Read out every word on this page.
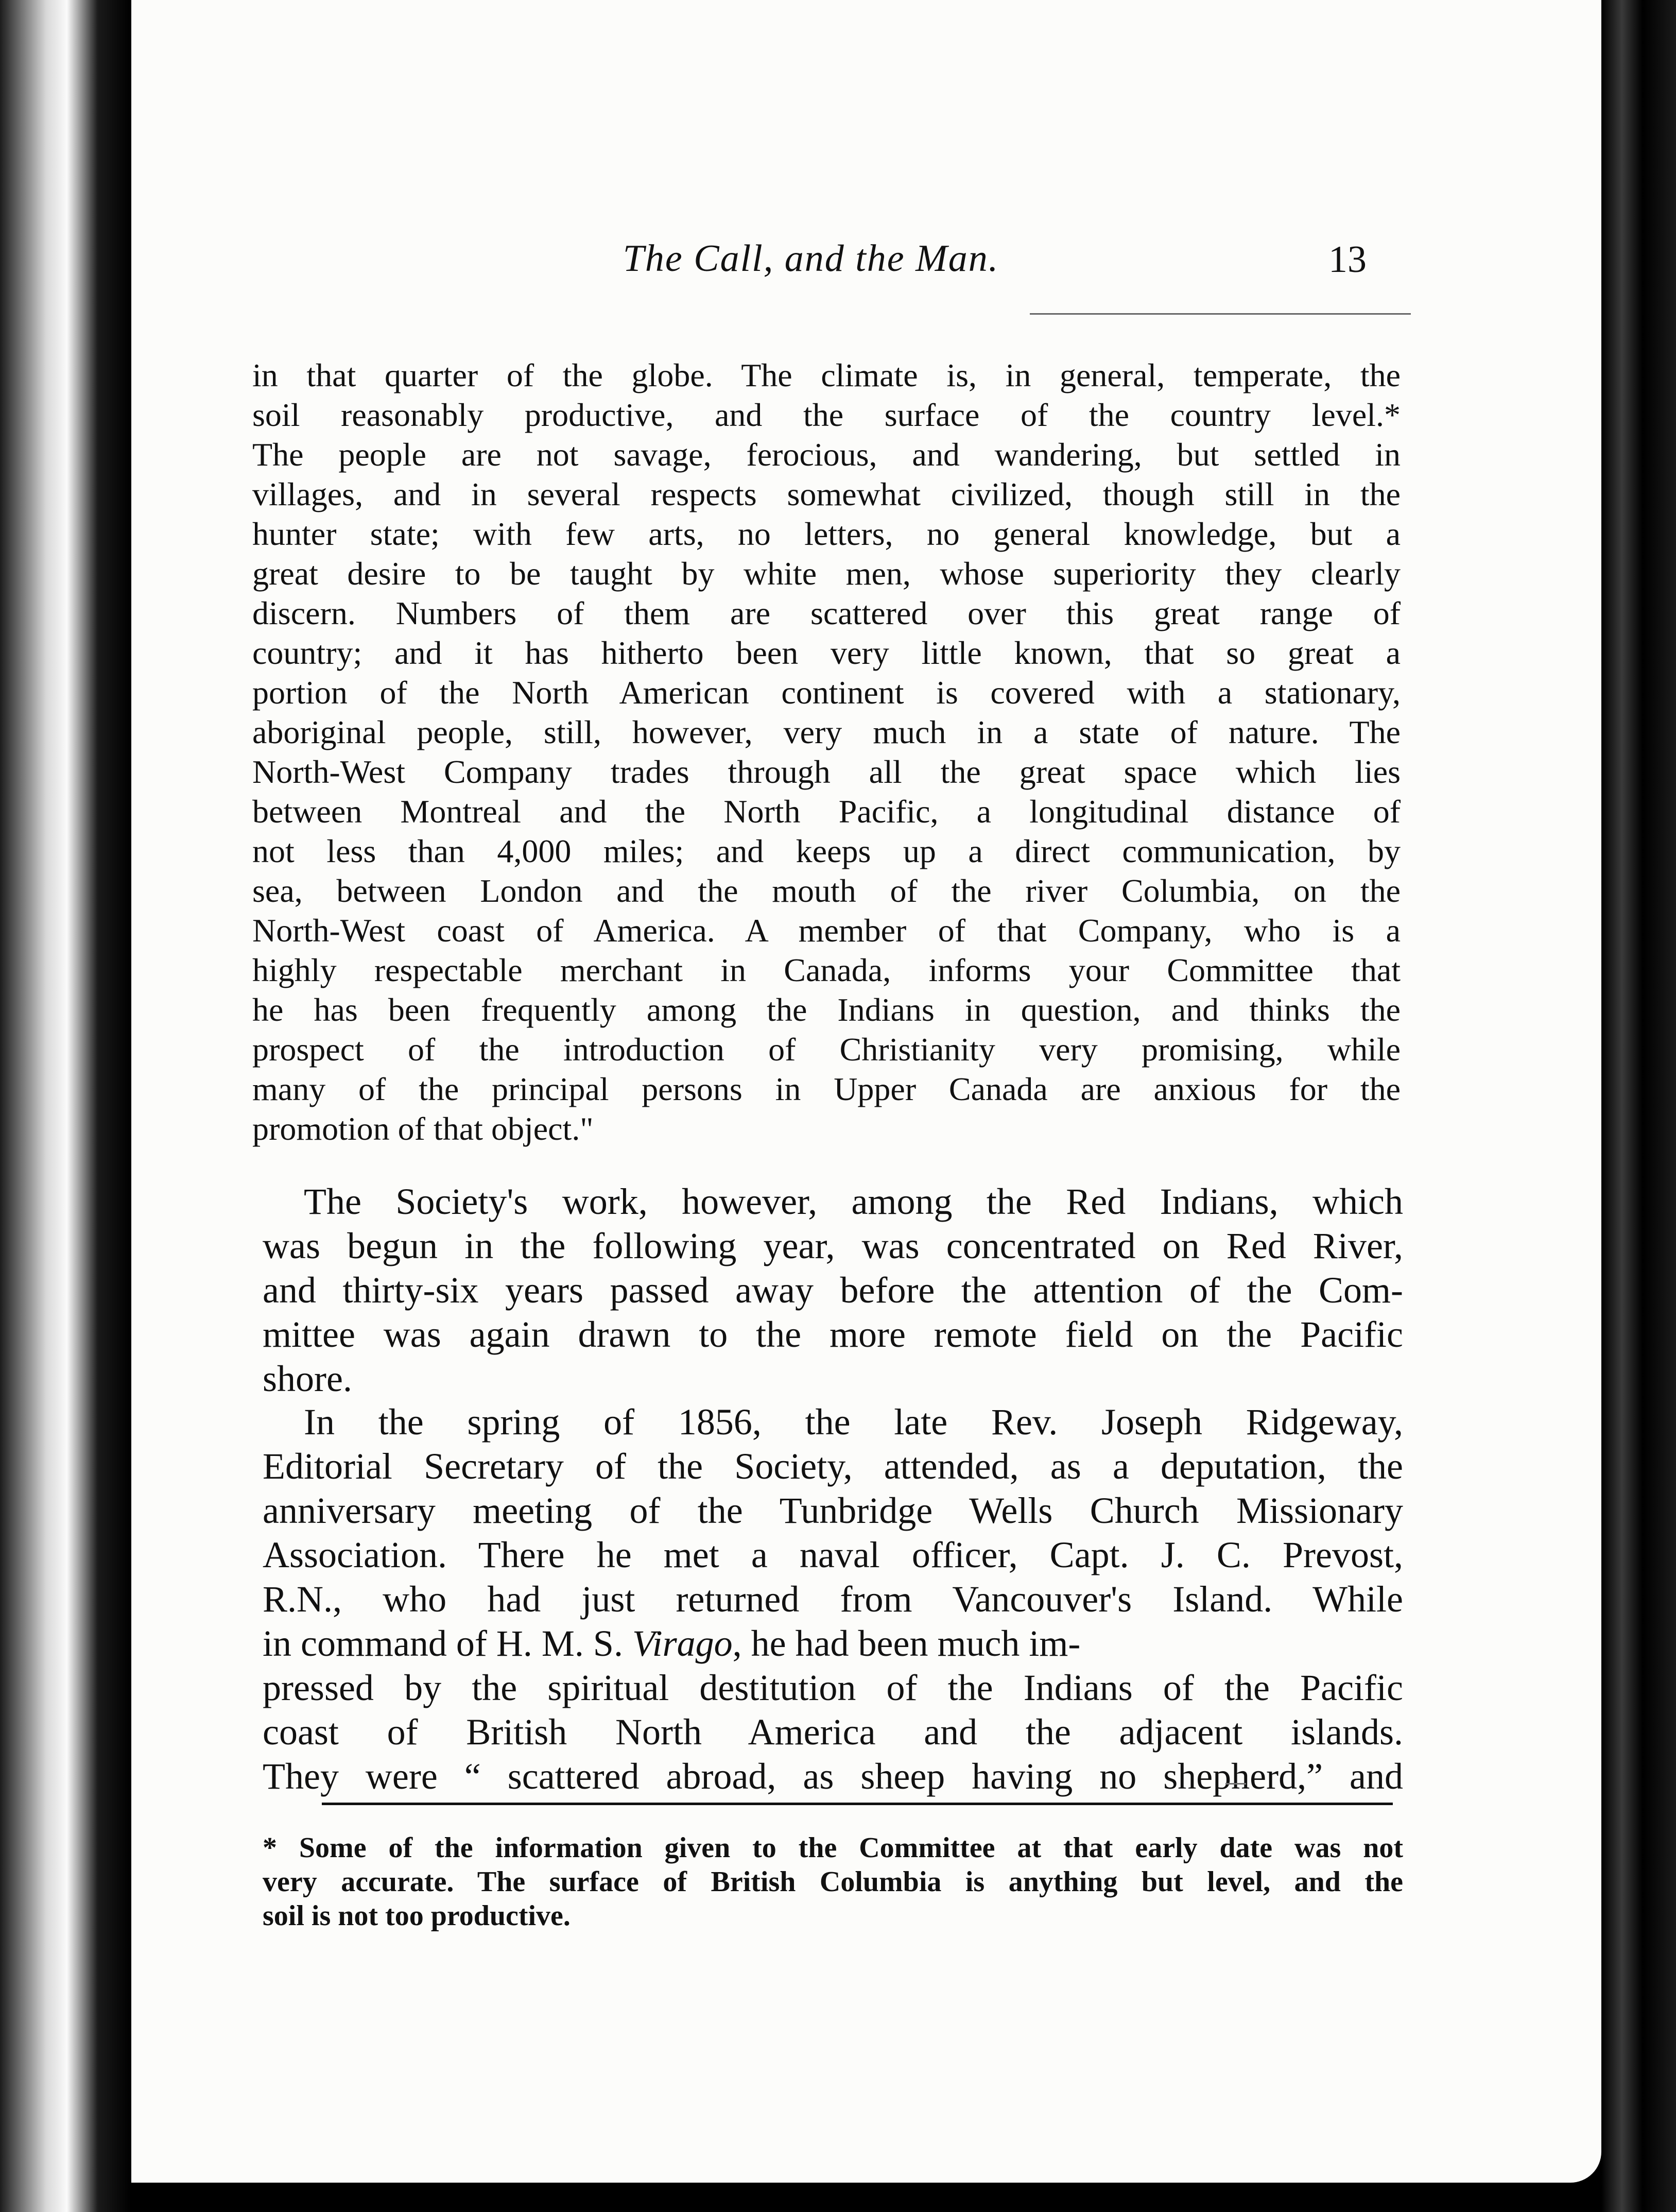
The Call, and the Man.	13
in that quarter of the globe. The climate is, in general, temperate, the
soil reasonably productive, and the surface of the country level.*
The people are not savage, ferocious, and wandering, but settled in
villages, and in several respects somewhat civilized, though still in the
hunter state; with few arts, no letters, no general knowledge, but a
great desire to be taught by white men, whose superiority they clearly
discern. Numbers of them are scattered over this great range of
country; and it has hitherto been very little known, that so great a
portion of the North American continent is covered with a stationary,
aboriginal people, still, however, very much in a state of nature. The
North-West Company trades through all the great space which lies
between Montreal and the North Pacific, a longitudinal distance of
not less than 4,000 miles; and keeps up a direct communication, by
sea, between London and the mouth of the river Columbia, on the
North-West coast of America. A member of that Company, who is a
highly respectable merchant in Canada, informs your Committee that
he has been frequently among the Indians in question, and thinks the
prospect of the introduction of Christianity very promising, while
many of the principal persons in Upper Canada are anxious for the
promotion of that object."
The Society's work, however, among the Red Indians, which
was begun in the following year, was concentrated on Red River,
and thirty-six years passed away before the attention of the Com-
mittee was again drawn to the more remote field on the Pacific
shore.
In the spring of 1856, the late Rev. Joseph Ridgeway,
Editorial Secretary of the Society, attended, as a deputation, the
anniversary meeting of the Tunbridge Wells Church Missionary
Association. There he met a naval officer, Capt. J. C. Prevost,
R.N., who had just returned from Vancouver's Island. While
in command of H. M. S. Virago, he had been much im-
pressed by the spiritual destitution of the Indians of the Pacific
coast of British North America and the adjacent islands.
They were “ scattered abroad, as sheep having no shepherd,” and
* Some of the information given to the Committee at that early date was not
very accurate. The surface of British Columbia is anything but level, and the
soil is not too productive.
